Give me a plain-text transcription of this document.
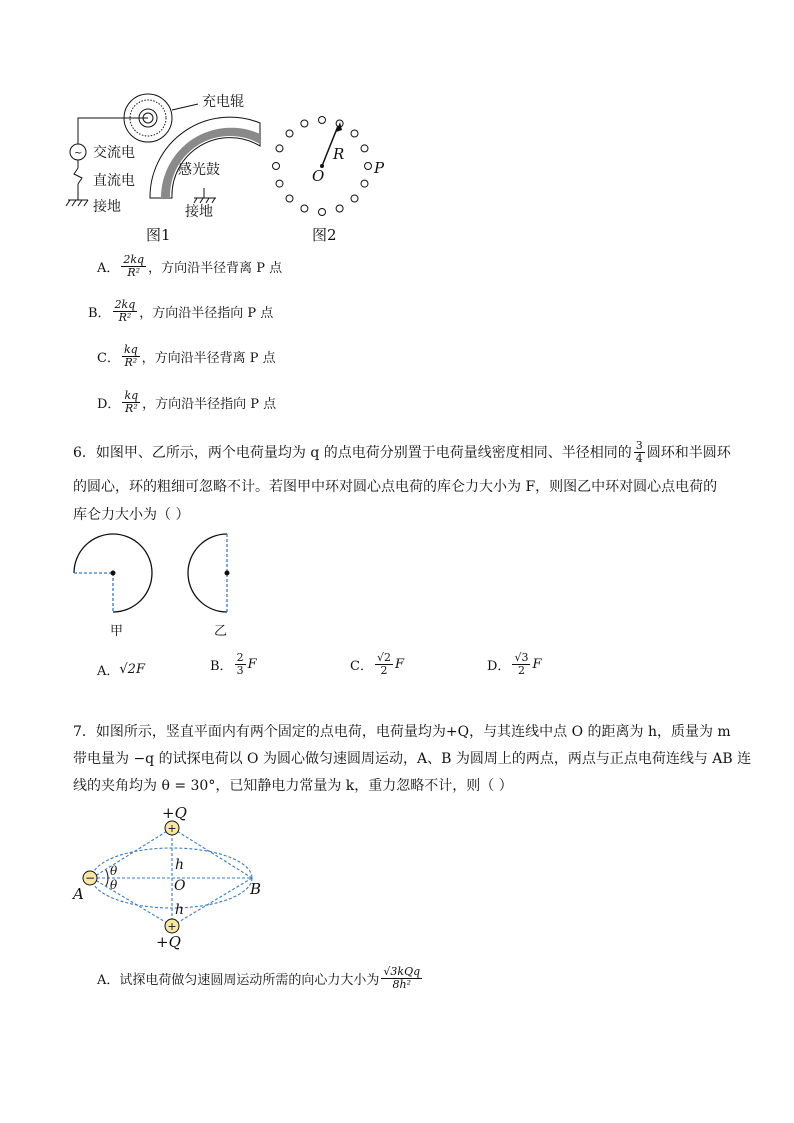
~
充电辊
交流电
直流电
接地
感光鼓
接地
图1	图2
R
O	P
A． $\frac{2kq}{\text{R²}}$ ，方向沿半径背离 P 点
B． $\frac{2kq}{\text{R²}}$ ，方向沿半径指向 P 点
C． $\frac{kq}{\text{R²}}$ ，方向沿半径背离 P 点
D． $\frac{kq}{\text{R²}}$ ，方向沿半径指向 P 点
6．如图甲、乙所示，两个电荷量均为 q 的点电荷分别置于电荷量线密度相同、半径相同的 $\frac{3}{4}$ 圆环和半圆环
的圆心，环的粗细可忽略不计。若图甲中环对圆心点电荷的库仑力大小为 F，则图乙中环对圆心点电荷的
库仑力大小为（ ）
甲	乙
A． √2F	B． $\frac{2}{3}$ F	C． $\frac{√2}{2}$ F	D． $\frac{√3}{2}$ F
7．如图所示，竖直平面内有两个固定的点电荷，电荷量均为+Q，与其连线中点 O 的距离为 h，质量为 m
带电量为 −q 的试探电荷以 O 为圆心做匀速圆周运动，A、B 为圆周上的两点，两点与正点电荷连线与 AB 连
线的夹角均为 θ = 30°，已知静电力常量为 k，重力忽略不计，则（ ）
+
+
−
+Q
+Q
h
h
O
A	B
θ
θ
A．试探电荷做匀速圆周运动所需的向心力大小为 $\frac{\text{√3kQq}}{\text{8h²}}$
